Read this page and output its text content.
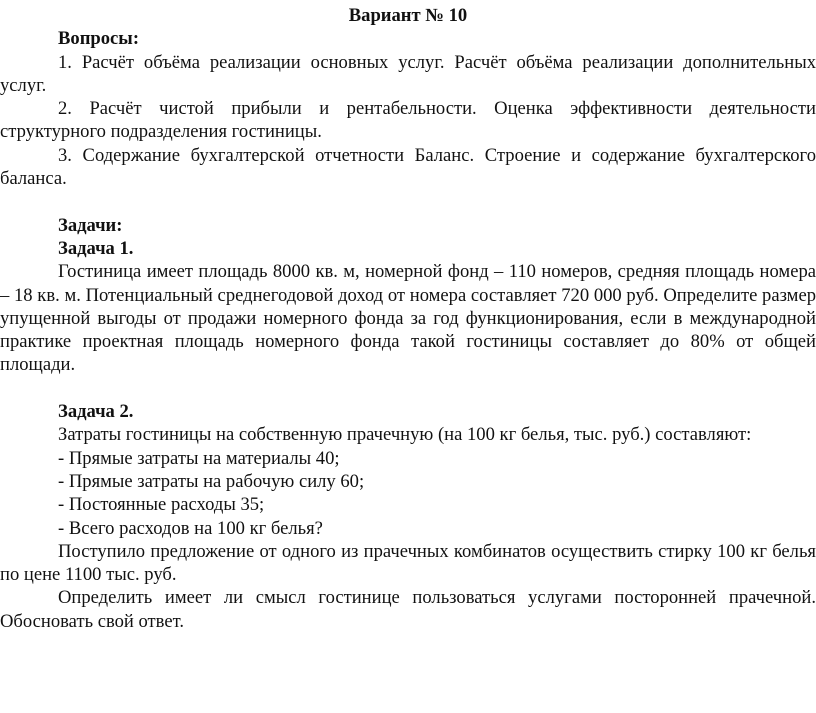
Вариант № 10

Вопросы:

1. Расчёт объёма реализации основных услуг. Расчёт объёма реализации дополнительных услуг.

2. Расчёт чистой прибыли и рентабельности. Оценка эффективности деятельности структурного подразделения гостиницы.

3. Содержание бухгалтерской отчетности Баланс. Строение и содержание бухгалтерского баланса.

Задачи:

Задача 1.

Гостиница имеет площадь 8000 кв. м, номерной фонд – 110 номеров, средняя площадь номера – 18 кв. м. Потенциальный среднегодовой доход от номера составляет 720 000 руб. Определите размер упущенной выгоды от продажи номерного фонда за год функционирования, если в международной практике проектная площадь номерного фонда такой гостиницы составляет до 80% от общей площади.

Задача 2.

Затраты гостиницы на собственную прачечную (на 100 кг белья, тыс. руб.) составляют:

- Прямые затраты на материалы 40;
- Прямые затраты на рабочую силу 60;
- Постоянные расходы 35;
- Всего расходов на 100 кг белья?

Поступило предложение от одного из прачечных комбинатов осуществить стирку 100 кг белья по цене 1100 тыс. руб.

Определить имеет ли смысл гостинице пользоваться услугами посторонней прачечной. Обосновать свой ответ.
